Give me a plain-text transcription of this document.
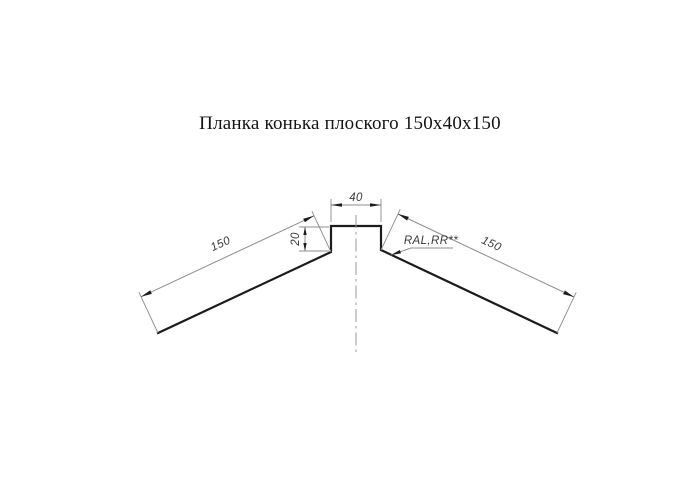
Планка конька плоского 150х40х150
40
20
150	150
RAL,RR**
